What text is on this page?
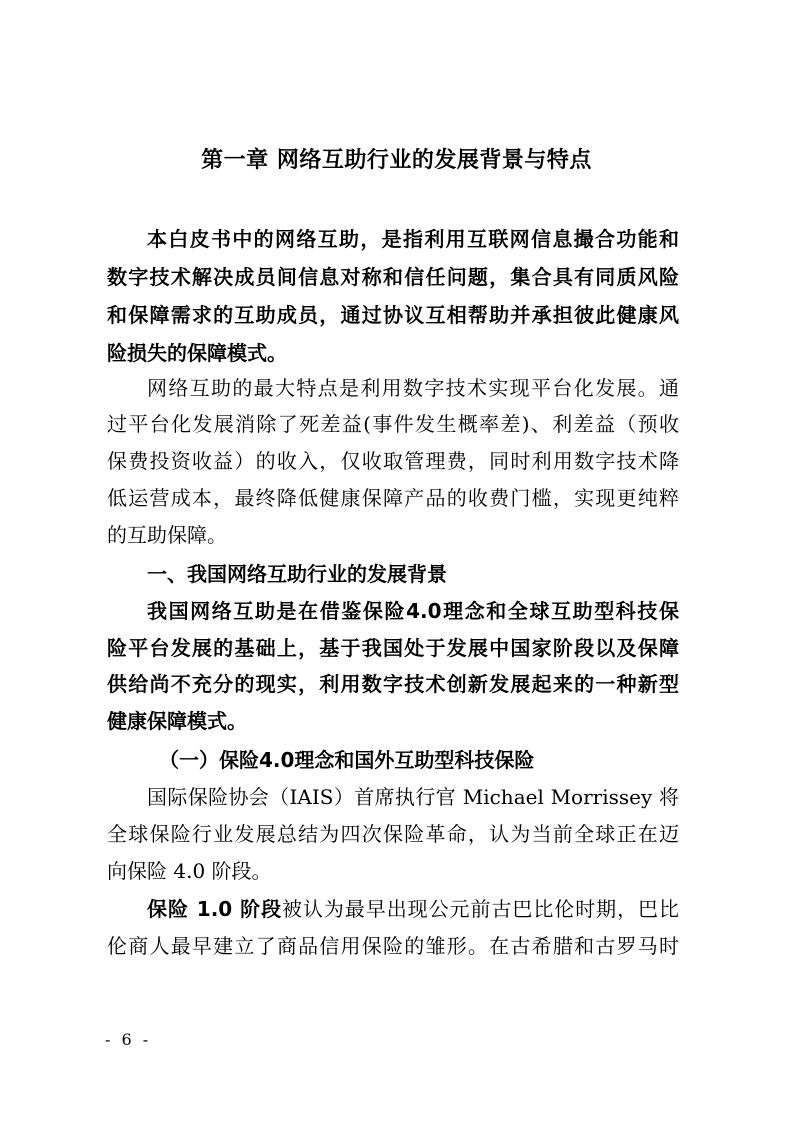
第一章 网络互助行业的发展背景与特点
本白皮书中的网络互助，是指利用互联网信息撮合功能和
数字技术解决成员间信息对称和信任问题，集合具有同质风险
和保障需求的互助成员，通过协议互相帮助并承担彼此健康风
险损失的保障模式。
网络互助的最大特点是利用数字技术实现平台化发展。通
过平台化发展消除了死差益(事件发生概率差)、利差益（预收
保费投资收益）的收入，仅收取管理费，同时利用数字技术降
低运营成本，最终降低健康保障产品的收费门槛，实现更纯粹
的互助保障。
一、我国网络互助行业的发展背景
我国网络互助是在借鉴保险4.0理念和全球互助型科技保
险平台发展的基础上，基于我国处于发展中国家阶段以及保障
供给尚不充分的现实，利用数字技术创新发展起来的一种新型
健康保障模式。
（一）保险4.0理念和国外互助型科技保险
国际保险协会（IAIS）首席执行官 Michael Morrissey 将
全球保险行业发展总结为四次保险革命，认为当前全球正在迈
向保险 4.0 阶段。
保险 1.0 阶段被认为最早出现公元前古巴比伦时期，巴比
伦商人最早建立了商品信用保险的雏形。在古希腊和古罗马时
- 6 -
